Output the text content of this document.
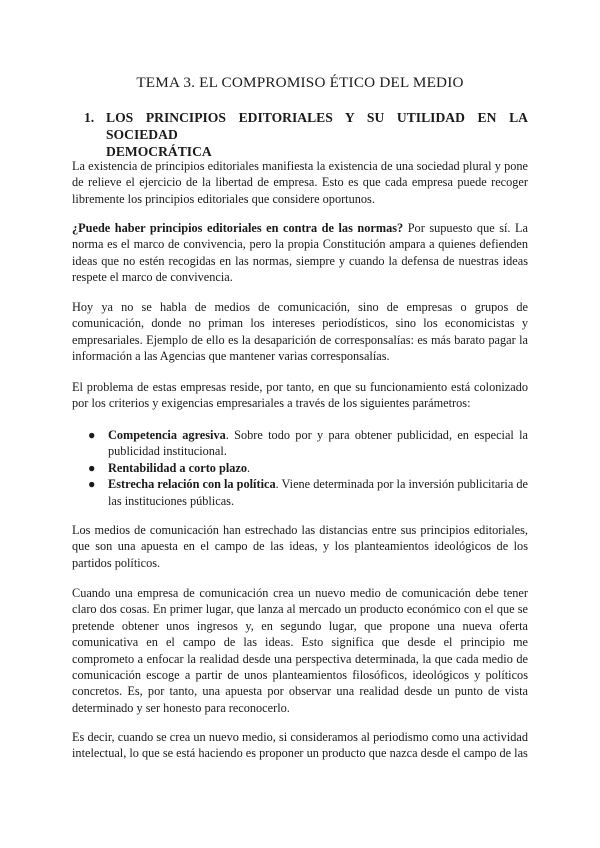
TEMA 3. EL COMPROMISO ÉTICO DEL MEDIO
1. LOS PRINCIPIOS EDITORIALES Y SU UTILIDAD EN LA SOCIEDAD
DEMOCRÁTICA

La existencia de principios editoriales manifiesta la existencia de una sociedad plural y pone de relieve el ejercicio de la libertad de empresa. Esto es que cada empresa puede recoger libremente los principios editoriales que considere oportunos.

¿Puede haber principios editoriales en contra de las normas? Por supuesto que sí. La norma es el marco de convivencia, pero la propia Constitución ampara a quienes defienden ideas que no estén recogidas en las normas, siempre y cuando la defensa de nuestras ideas respete el marco de convivencia.

Hoy ya no se habla de medios de comunicación, sino de empresas o grupos de comunicación, donde no priman los intereses periodísticos, sino los economicistas y empresariales. Ejemplo de ello es la desaparición de corresponsalías: es más barato pagar la información a las Agencias que mantener varias corresponsalías.

El problema de estas empresas reside, por tanto, en que su funcionamiento está colonizado por los criterios y exigencias empresariales a través de los siguientes parámetros:

● Competencia agresiva. Sobre todo por y para obtener publicidad, en especial la publicidad institucional.
● Rentabilidad a corto plazo.
● Estrecha relación con la política. Viene determinada por la inversión publicitaria de las instituciones públicas.

Los medios de comunicación han estrechado las distancias entre sus principios editoriales, que son una apuesta en el campo de las ideas, y los planteamientos ideológicos de los partidos políticos.

Cuando una empresa de comunicación crea un nuevo medio de comunicación debe tener claro dos cosas. En primer lugar, que lanza al mercado un producto económico con el que se pretende obtener unos ingresos y, en segundo lugar, que propone una nueva oferta comunicativa en el campo de las ideas. Esto significa que desde el principio me comprometo a enfocar la realidad desde una perspectiva determinada, la que cada medio de comunicación escoge a partir de unos planteamientos filosóficos, ideológicos y políticos concretos. Es, por tanto, una apuesta por observar una realidad desde un punto de vista determinado y ser honesto para reconocerlo.

Es decir, cuando se crea un nuevo medio, si consideramos al periodismo como una actividad intelectual, lo que se está haciendo es proponer un producto que nazca desde el campo de las
